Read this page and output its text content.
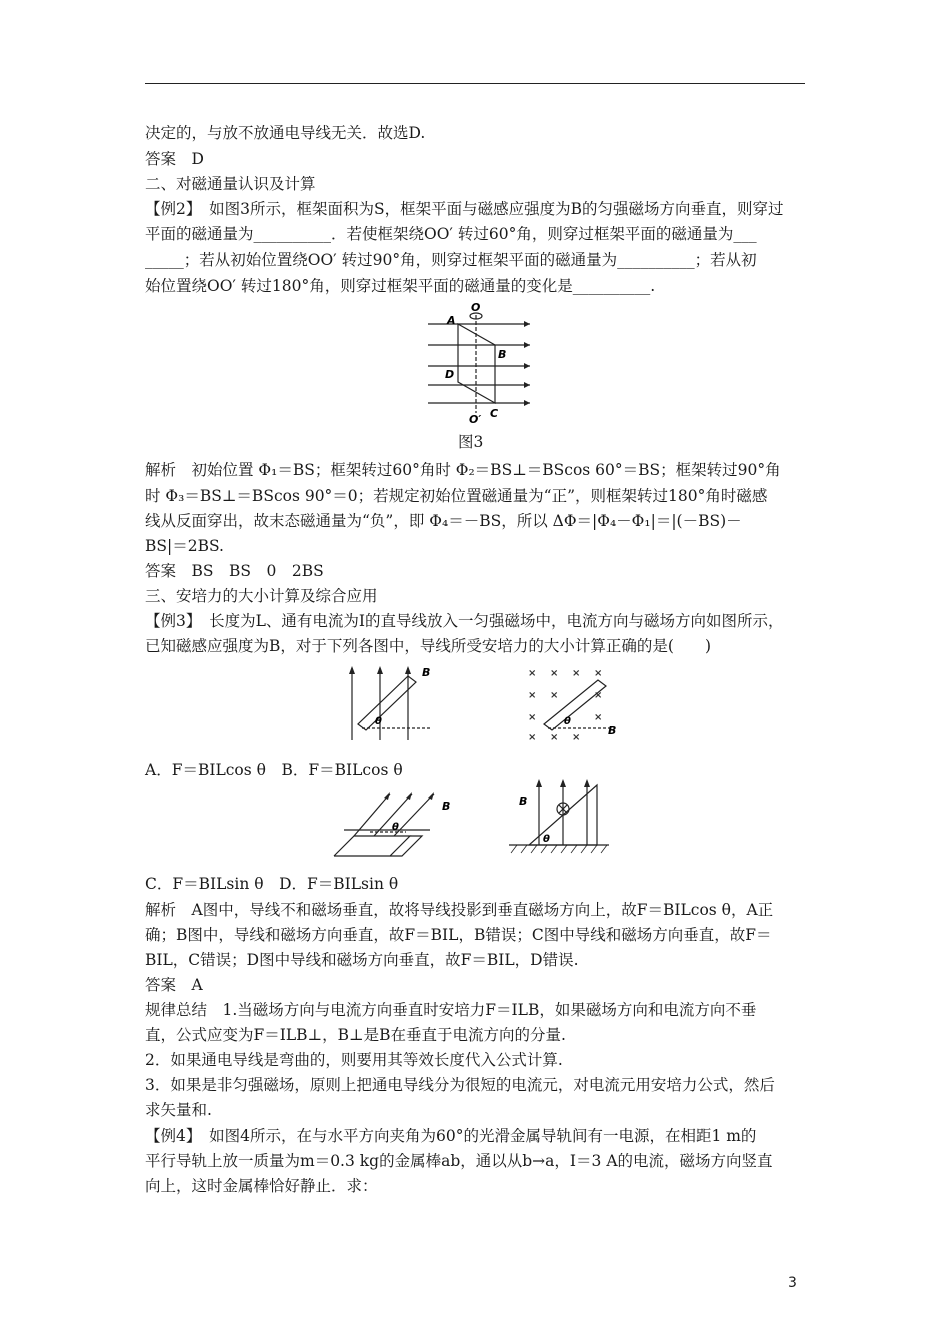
决定的，与放不放通电导线无关．故选D.
答案　D
二、对磁通量认识及计算
【例2】　如图3所示，框架面积为S，框架平面与磁感应强度为B的匀强磁场方向垂直，则穿过
平面的磁通量为__________．若使框架绕OO′ 转过60°角，则穿过框架平面的磁通量为___
_____；若从初始位置绕OO′ 转过90°角，则穿过框架平面的磁通量为__________；若从初
始位置绕OO′ 转过180°角，则穿过框架平面的磁通量的变化是__________.
O
A
B
D
C
O′
图3
解析　初始位置 Φ₁＝BS；框架转过60°角时 Φ₂＝BS⊥＝BScos 60°＝BS；框架转过90°角
时 Φ₃＝BS⊥＝BScos 90°＝0；若规定初始位置磁通量为“正”，则框架转过180°角时磁感
线从反面穿出，故末态磁通量为“负”，即 Φ₄＝－BS，所以 ΔΦ＝|Φ₄－Φ₁|＝|(－BS)－
BS|＝2BS.
答案　BS　BS　0　2BS
三、安培力的大小计算及综合应用
【例3】　长度为L、通有电流为I的直导线放入一匀强磁场中，电流方向与磁场方向如图所示，
已知磁感应强度为B，对于下列各图中，导线所受安培力的大小计算正确的是(　　)
B
θ
× × × ×
× ×	×
×	×
× × ×
B
θ
A．F＝BILcos θ　B．F＝BILcos θ
B
θ
B
θ
C．F＝BILsin θ　D．F＝BILsin θ
解析　A图中，导线不和磁场垂直，故将导线投影到垂直磁场方向上，故F＝BILcos θ，A正
确；B图中，导线和磁场方向垂直，故F＝BIL，B错误；C图中导线和磁场方向垂直，故F＝
BIL，C错误；D图中导线和磁场方向垂直，故F＝BIL，D错误.
答案　A
规律总结　1.当磁场方向与电流方向垂直时安培力F＝ILB，如果磁场方向和电流方向不垂
直，公式应变为F＝ILB⊥，B⊥是B在垂直于电流方向的分量.
2．如果通电导线是弯曲的，则要用其等效长度代入公式计算.
3．如果是非匀强磁场，原则上把通电导线分为很短的电流元，对电流元用安培力公式，然后
求矢量和.
【例4】　如图4所示，在与水平方向夹角为60°的光滑金属导轨间有一电源，在相距1 m的
平行导轨上放一质量为m＝0.3 kg的金属棒ab，通以从b→a，I＝3 A的电流，磁场方向竖直
向上，这时金属棒恰好静止．求：
3
